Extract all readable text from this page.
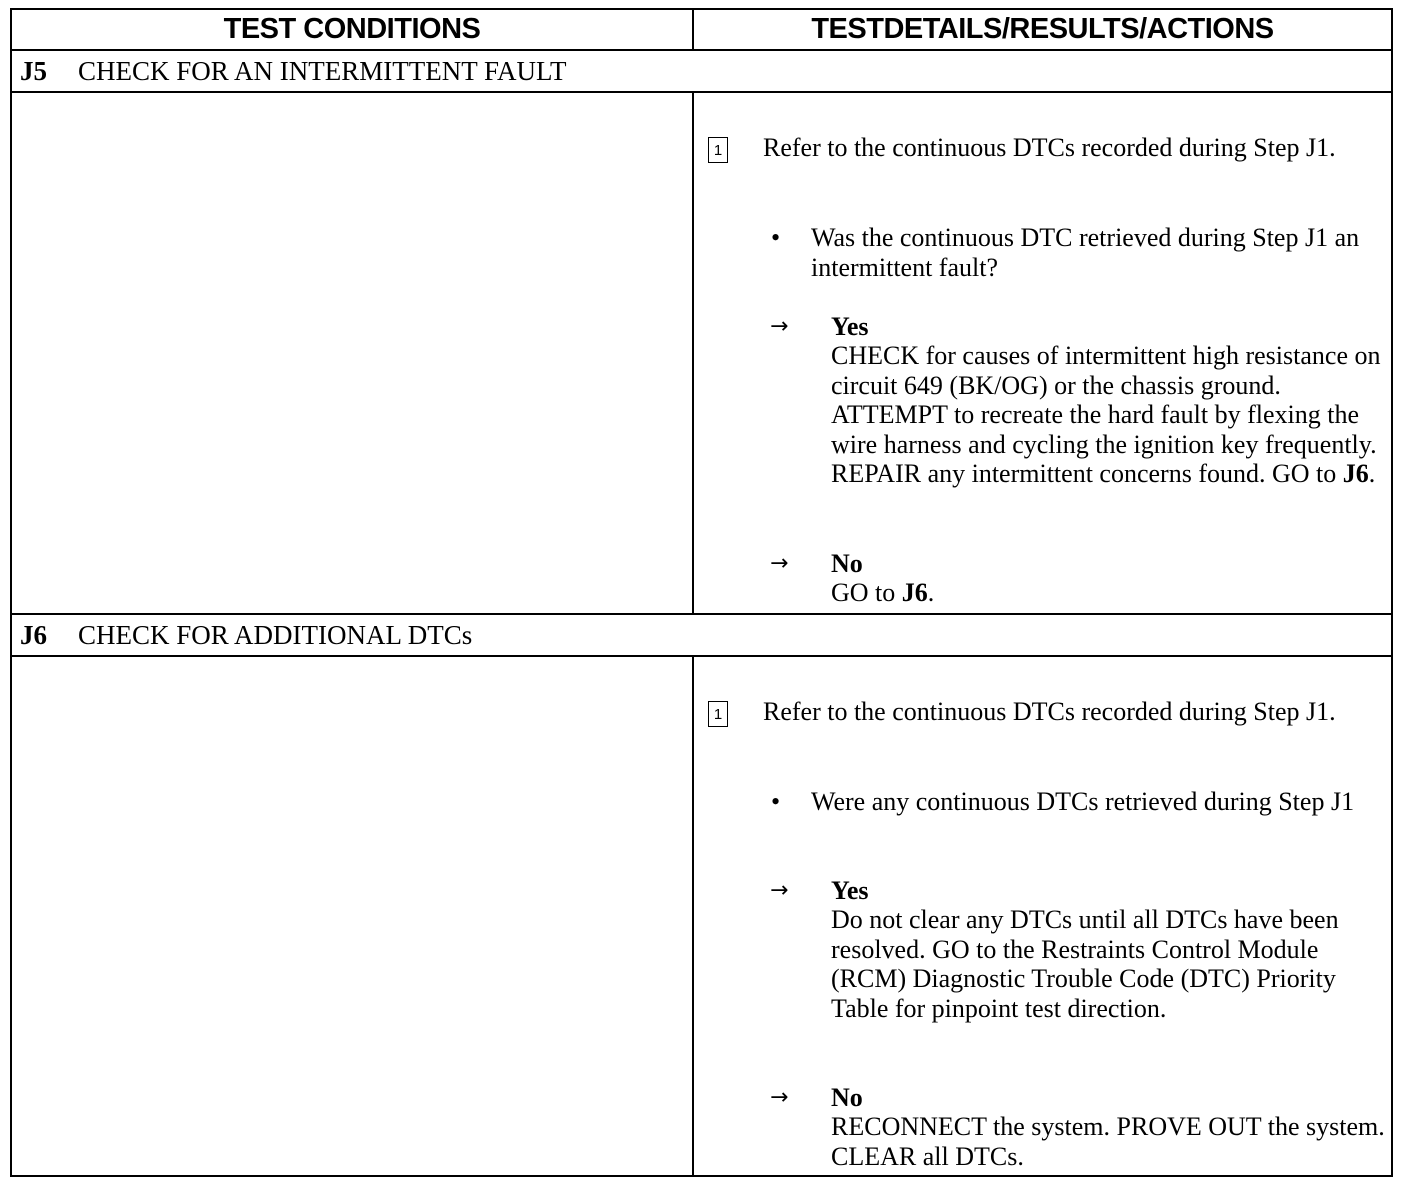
TEST CONDITIONS	TESTDETAILS/RESULTS/ACTIONS
J5	CHECK FOR AN INTERMITTENT FAULT
1 Refer to the continuous DTCs recorded during Step J1.
• Was the continuous DTC retrieved during Step J1 an intermittent fault?
→ Yes
CHECK for causes of intermittent high resistance on circuit 649 (BK/OG) or the chassis ground. ATTEMPT to recreate the hard fault by flexing the wire harness and cycling the ignition key frequently. REPAIR any intermittent concerns found. GO to J6.
→ No
GO to J6.
J6	CHECK FOR ADDITIONAL DTCs
1 Refer to the continuous DTCs recorded during Step J1.
• Were any continuous DTCs retrieved during Step J1
→ Yes
Do not clear any DTCs until all DTCs have been resolved. GO to the Restraints Control Module (RCM) Diagnostic Trouble Code (DTC) Priority Table for pinpoint test direction.
→ No
RECONNECT the system. PROVE OUT the system. CLEAR all DTCs.
